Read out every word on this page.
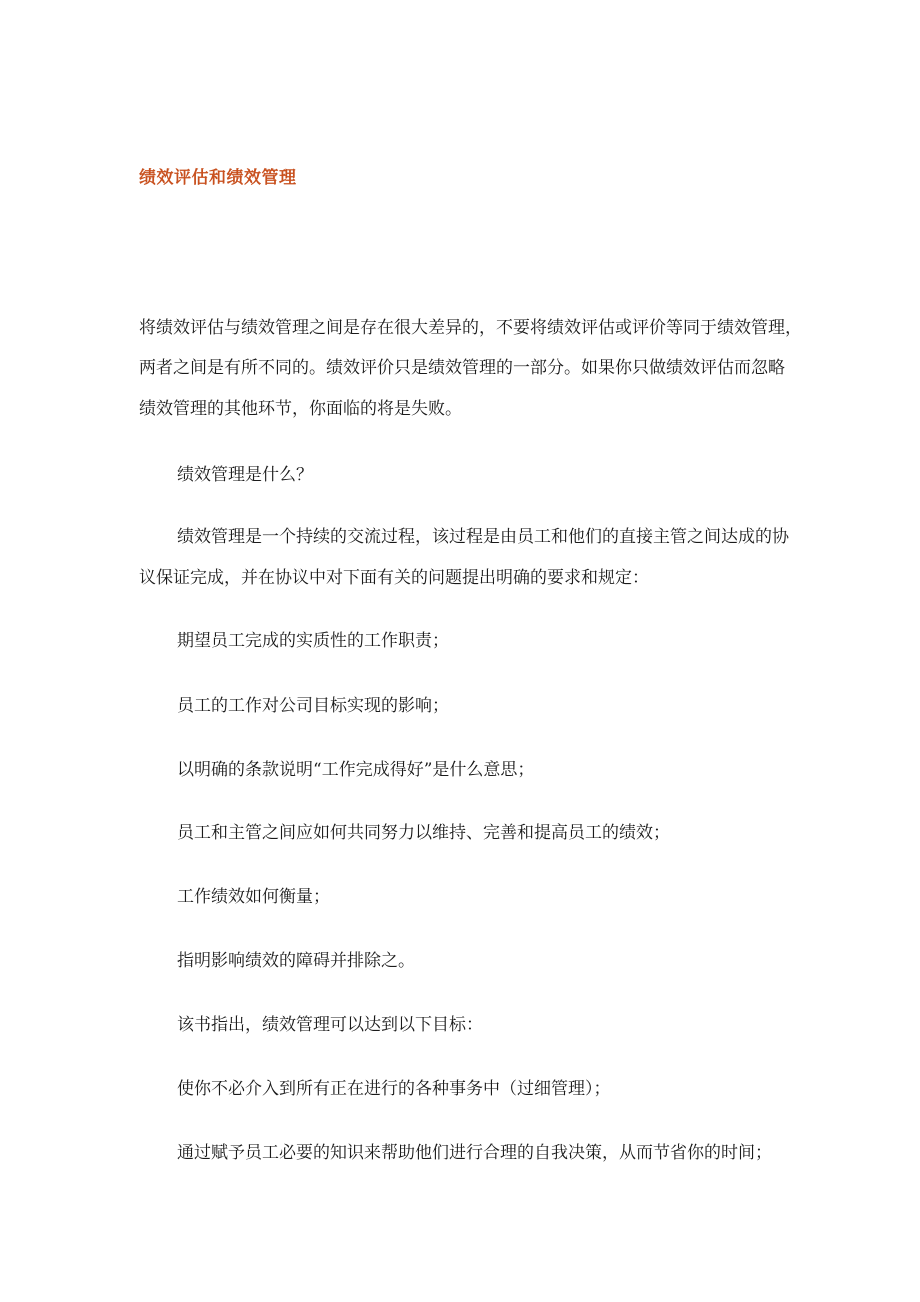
绩效评估和绩效管理
将绩效评估与绩效管理之间是存在很大差异的，不要将绩效评估或评价等同于绩效管理，
两者之间是有所不同的。绩效评价只是绩效管理的一部分。如果你只做绩效评估而忽略
绩效管理的其他环节，你面临的将是失败。
绩效管理是什么？
绩效管理是一个持续的交流过程，该过程是由员工和他们的直接主管之间达成的协
议保证完成，并在协议中对下面有关的问题提出明确的要求和规定：
期望员工完成的实质性的工作职责；
员工的工作对公司目标实现的影响；
以明确的条款说明“工作完成得好”是什么意思；
员工和主管之间应如何共同努力以维持、完善和提高员工的绩效；
工作绩效如何衡量；
指明影响绩效的障碍并排除之。
该书指出，绩效管理可以达到以下目标：
使你不必介入到所有正在进行的各种事务中（过细管理）；
通过赋予员工必要的知识来帮助他们进行合理的自我决策，从而节省你的时间；
